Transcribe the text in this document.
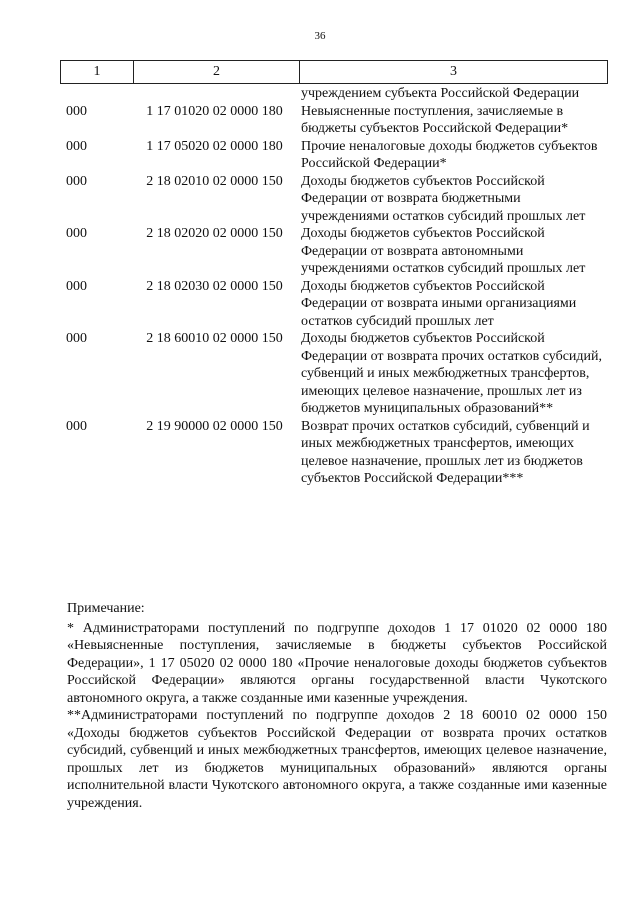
36
1	2	3
учреждением субъекта Российской Федерации
000	1 17 01020 02 0000 180	Невыясненные поступления, зачисляемые в бюджеты субъектов Российской Федерации*
000	1 17 05020 02 0000 180	Прочие неналоговые доходы бюджетов субъектов Российской Федерации*
000	2 18 02010 02 0000 150	Доходы бюджетов субъектов Российской Федерации от возврата бюджетными учреждениями остатков субсидий прошлых лет
000	2 18 02020 02 0000 150	Доходы бюджетов субъектов Российской Федерации от возврата автономными учреждениями остатков субсидий прошлых лет
000	2 18 02030 02 0000 150	Доходы бюджетов субъектов Российской Федерации от возврата иными организациями остатков субсидий прошлых лет
000	2 18 60010 02 0000 150	Доходы бюджетов субъектов Российской Федерации от возврата прочих остатков субсидий, субвенций и иных межбюджетных трансфертов, имеющих целевое назначение, прошлых лет из бюджетов муниципальных образований**
000	2 19 90000 02 0000 150	Возврат прочих остатков субсидий, субвенций и иных межбюджетных трансфертов, имеющих целевое назначение, прошлых лет из бюджетов субъектов Российской Федерации***

Примечание:

* Администраторами поступлений по подгруппе доходов 1 17 01020 02 0000 180 «Невыясненные поступления, зачисляемые в бюджеты субъектов Российской Федерации», 1 17 05020 02 0000 180 «Прочие неналоговые доходы бюджетов субъектов Российской Федерации» являются органы государственной власти Чукотского автономного округа, а также созданные ими казенные учреждения.

**Администраторами поступлений по подгруппе доходов 2 18 60010 02 0000 150 «Доходы бюджетов субъектов Российской Федерации от возврата прочих остатков субсидий, субвенций и иных межбюджетных трансфертов, имеющих целевое назначение, прошлых лет из бюджетов муниципальных образований» являются органы исполнительной власти Чукотского автономного округа, а также созданные ими казенные учреждения.
